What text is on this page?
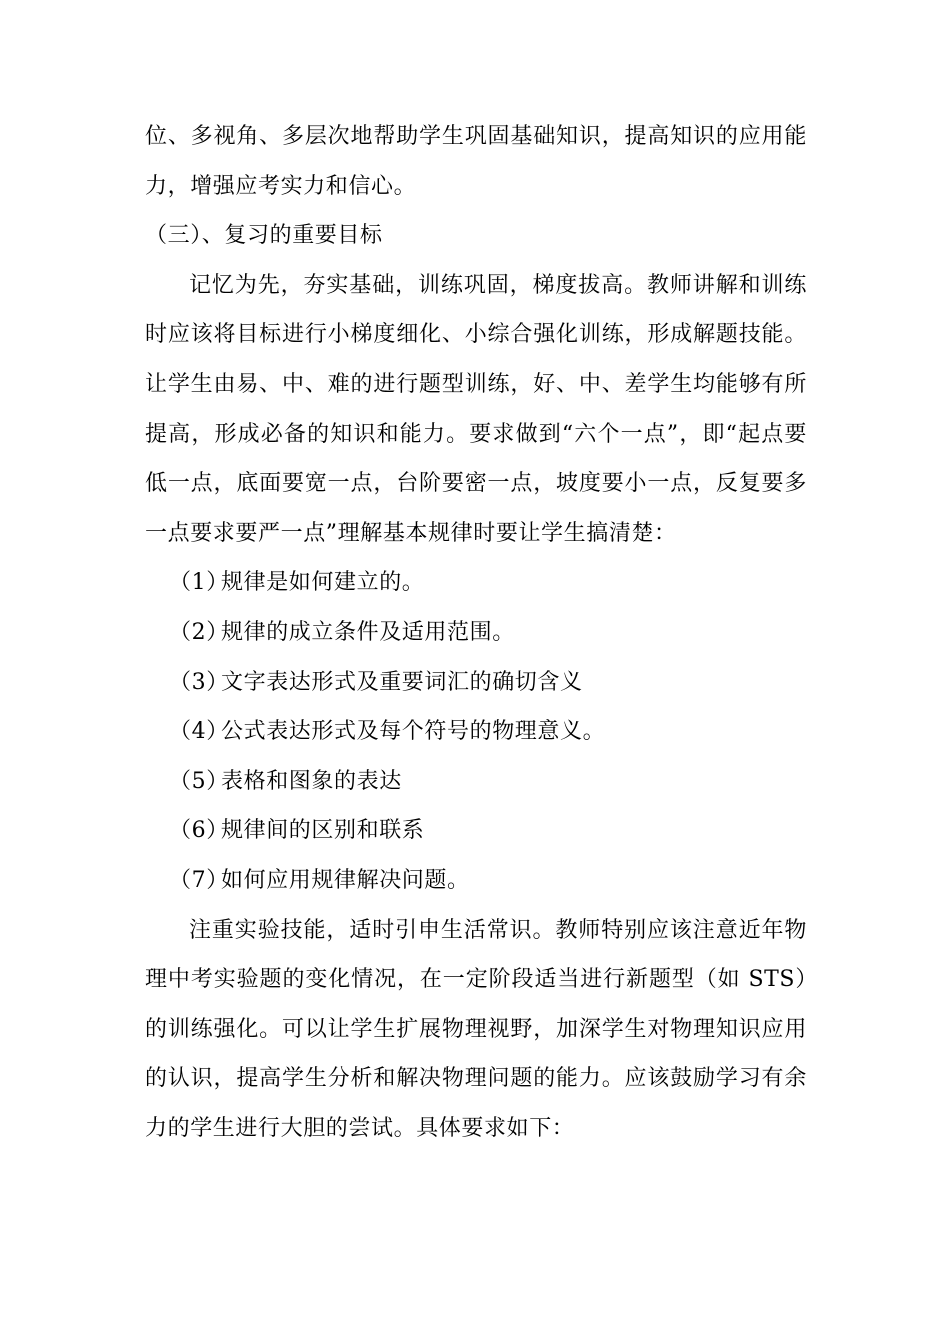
位、多视角、多层次地帮助学生巩固基础知识，提高知识的应用能力，增强应考实力和信心。

（三）、复习的重要目标

记忆为先，夯实基础，训练巩固，梯度拔高。教师讲解和训练时应该将目标进行小梯度细化、小综合强化训练，形成解题技能。让学生由易、中、难的进行题型训练，好、中、差学生均能够有所提高，形成必备的知识和能力。要求做到“六个一点”，即“起点要低一点，底面要宽一点，台阶要密一点，坡度要小一点，反复要多一点要求要严一点”理解基本规律时要让学生搞清楚：

（1）规律是如何建立的。
（2）规律的成立条件及适用范围。
（3）文字表达形式及重要词汇的确切含义
（4）公式表达形式及每个符号的物理意义。
（5）表格和图象的表达
（6）规律间的区别和联系
（7）如何应用规律解决问题。

注重实验技能，适时引申生活常识。教师特别应该注意近年物理中考实验题的变化情况，在一定阶段适当进行新题型（如 STS）的训练强化。可以让学生扩展物理视野，加深学生对物理知识应用的认识，提高学生分析和解决物理问题的能力。应该鼓励学习有余力的学生进行大胆的尝试。具体要求如下：
